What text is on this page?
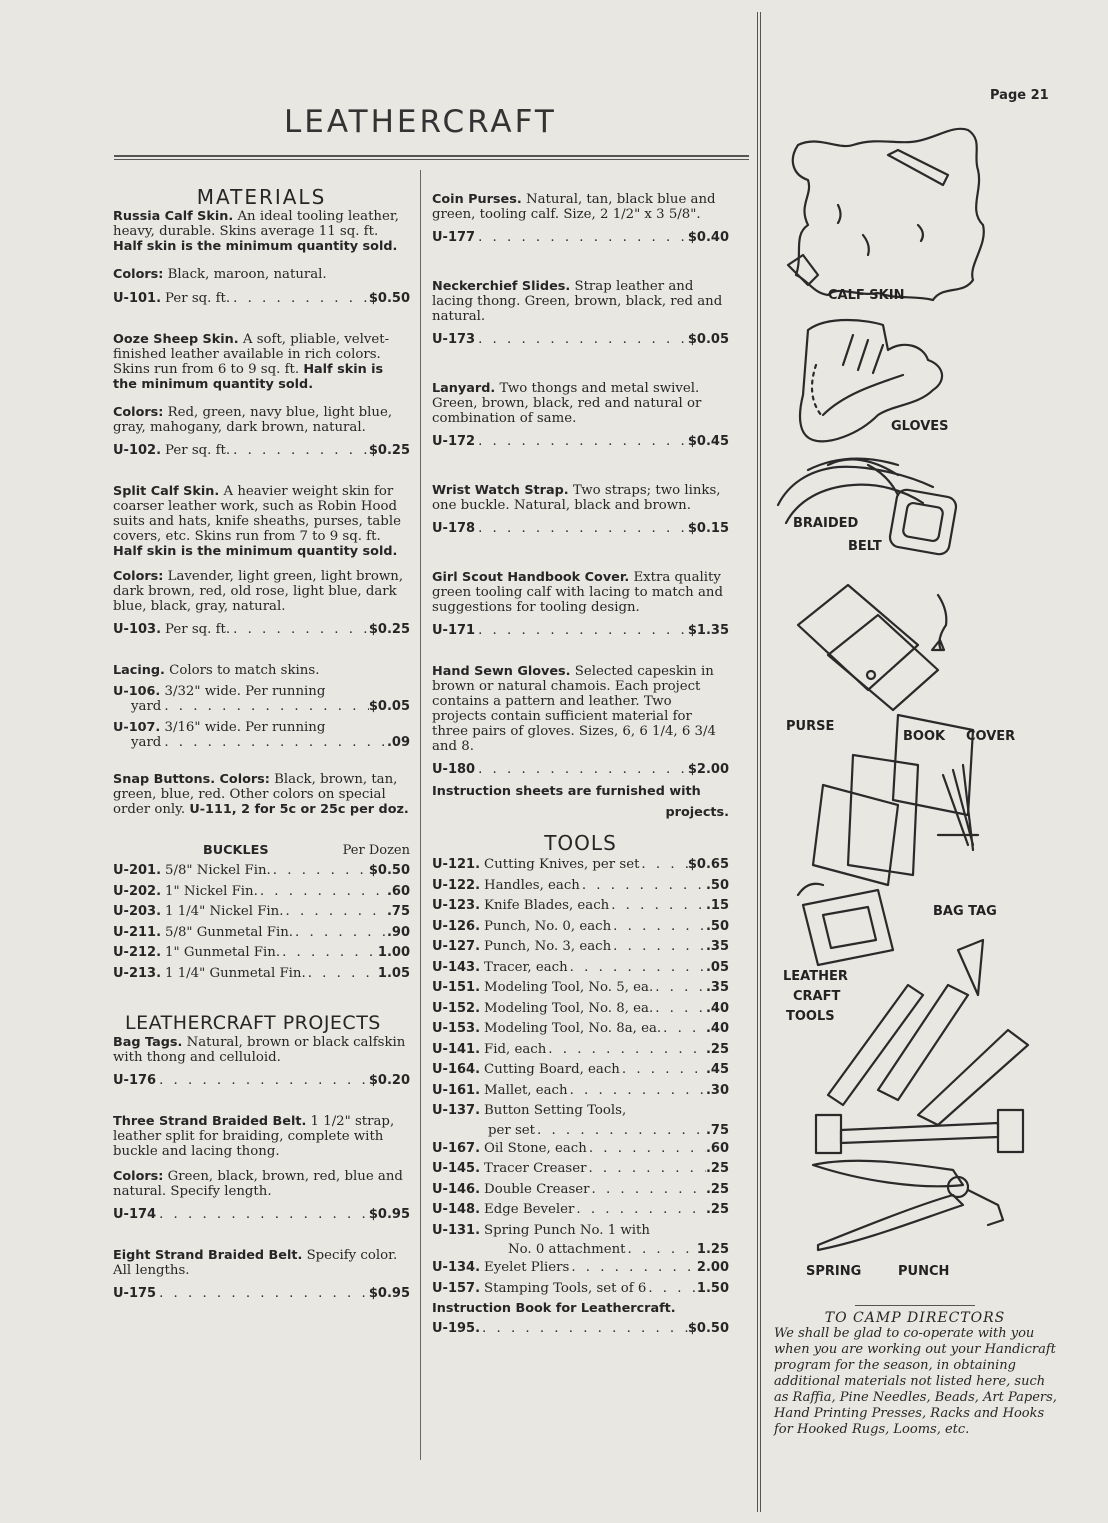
Page 21
LEATHERCRAFT
MATERIALS

Russia Calf Skin. An ideal tooling leather, heavy, durable. Skins average 11 sq. ft. Half skin is the minimum quantity sold.

Colors: Black, maroon, natural.

U-101. Per sq. ft. . . .	$0.50

Ooze Sheep Skin. A soft, pliable, velvet-finished leather available in rich colors. Skins run from 6 to 9 sq. ft. Half skin is the minimum quantity sold.

Colors: Red, green, navy blue, light blue, gray, mahogany, dark brown, natural.

U-102. Per sq. ft. . . .	$0.25

Split Calf Skin. A heavier weight skin for coarser leather work, such as Robin Hood suits and hats, knife sheaths, purses, table covers, etc. Skins run from 7 to 9 sq. ft. Half skin is the minimum quantity sold.

Colors: Lavender, light green, light brown, dark brown, red, old rose, light blue, dark blue, black, gray, natural.

U-103. Per sq. ft. . . .	$0.25

Lacing. Colors to match skins.

U-106. 3/32" wide. Per running
yard . . .	$0.05
U-107. 3/16" wide. Per running
yard . . .	.09

Snap Buttons. Colors: Black, brown, tan, green, blue, red. Other colors on special order only. U-111, 2 for 5c or 25c per doz.

BUCKLES	Per Dozen
U-201. 5/8" Nickel Fin. . . .	$0.50
U-202. 1" Nickel Fin. . . .	.60
U-203. 1 1/4" Nickel Fin. . . .	.75
U-211. 5/8" Gunmetal Fin. . . .	.90
U-212. 1" Gunmetal Fin. . . .	1.00
U-213. 1 1/4" Gunmetal Fin. . . .	1.05
LEATHERCRAFT PROJECTS

Bag Tags. Natural, brown or black calfskin with thong and celluloid.

U-176 . . .	$0.20

Three Strand Braided Belt. 1 1/2" strap, leather split for braiding, complete with buckle and lacing thong.

Colors: Green, black, brown, red, blue and natural. Specify length.

U-174 . . .	$0.95

Eight Strand Braided Belt. Specify color. All lengths.

U-175 . . .	$0.95

Coin Purses. Natural, tan, black blue and green, tooling calf. Size, 2 1/2" x 3 5/8".

U-177 . . .	$0.40

Neckerchief Slides. Strap leather and lacing thong. Green, brown, black, red and natural.

U-173 . . .	$0.05

Lanyard. Two thongs and metal swivel. Green, brown, black, red and natural or combination of same.

U-172 . . .	$0.45

Wrist Watch Strap. Two straps; two links, one buckle. Natural, black and brown.

U-178 . . .	$0.15

Girl Scout Handbook Cover. Extra quality green tooling calf with lacing to match and suggestions for tooling design.

U-171 . . .	$1.35

Hand Sewn Gloves. Selected capeskin in brown or natural chamois. Each project contains a pattern and leather. Two projects contain sufficient material for three pairs of gloves. Sizes, 6, 6 1/4, 6 3/4 and 8.

U-180 . . .	$2.00

Instruction sheets are furnished with

projects.

TOOLS
U-121. Cutting Knives, per set . . .	$0.65
U-122. Handles, each . . .	.50
U-123. Knife Blades, each . . .	.15
U-126. Punch, No. 0, each . . .	.50
U-127. Punch, No. 3, each . . .	.35
U-143. Tracer, each . . .	.05
U-151. Modeling Tool, No. 5, ea. . . .	.35
U-152. Modeling Tool, No. 8, ea. . . .	.40
U-153. Modeling Tool, No. 8a, ea. . . .	.40
U-141. Fid, each . . .	.25
U-164. Cutting Board, each . . .	.45
U-161. Mallet, each . . .	.30
U-137. Button Setting Tools,
per set . . .	.75
U-167. Oil Stone, each . . .	.60
U-145. Tracer Creaser . . .	.25
U-146. Double Creaser . . .	.25
U-148. Edge Beveler . . .	.25
U-131. Spring Punch No. 1 with
No. 0 attachment . . .	1.25
U-134. Eyelet Pliers . . .	2.00
U-157. Stamping Tools, set of 6 . . .	1.50
Instruction Book for Leathercraft.
U-195. . . .	$0.50
CALF SKIN
GLOVES
BRAIDED
BELT
PURSE
BOOK COVER
BAG TAG
LEATHER
CRAFT
TOOLS
SPRING	PUNCH
TO CAMP DIRECTORS
We shall be glad to co-operate with you when you are working out your Handicraft program for the season, in obtaining additional materials not listed here, such as Raffia, Pine Needles, Beads, Art Papers, Hand Printing Presses, Racks and Hooks for Hooked Rugs, Looms, etc.
